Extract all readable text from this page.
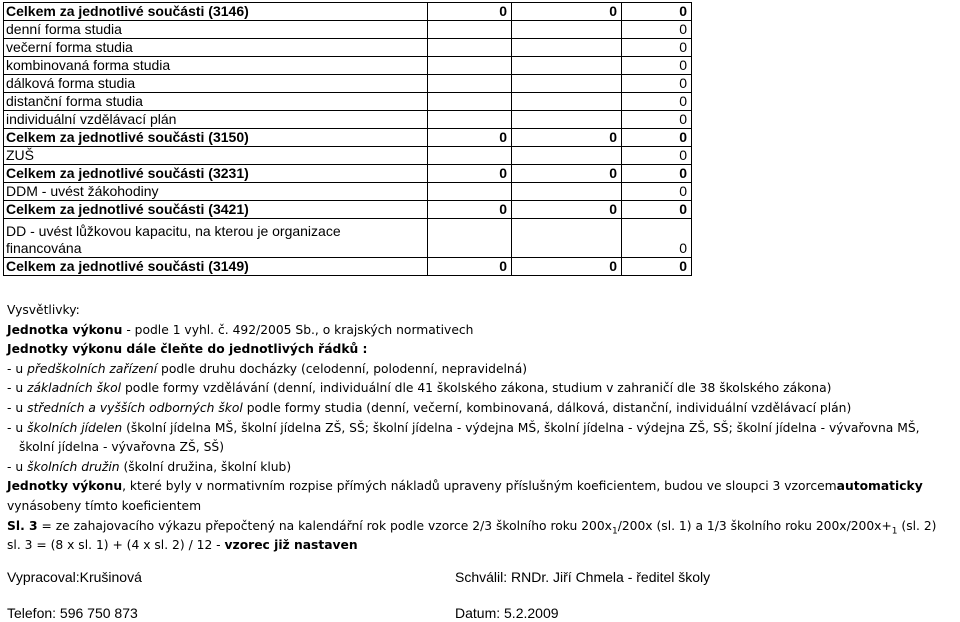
Celkem za jednotlivé součásti (3146)	0	0	0
denní forma studia			0
večerní forma studia			0
kombinovaná forma studia			0
dálková forma studia			0
distanční forma studia			0
individuální vzdělávací plán			0
Celkem za jednotlivé součásti (3150)	0	0	0
ZUŠ			0
Celkem za jednotlivé součásti (3231)	0	0	0
DDM - uvést žákohodiny			0
Celkem za jednotlivé součásti (3421)	0	0	0

DD - uvést lůžkovou kapacitu, na kterou je organizace
financována			0
Celkem za jednotlivé součásti (3149)	0	0	0

Vysvětlivky:

Jednotka výkonu - podle 1 vyhl. č. 492/2005 Sb., o krajských normativech

Jednotky výkonu dále čleňte do jednotlivých řádků :

- u předškolních zařízení podle druhu docházky (celodenní, polodenní, nepravidelná)

- u základních škol podle formy vzdělávání (denní, individuální dle 41 školského zákona, studium v zahraničí dle 38 školského zákona)

- u středních a vyšších odborných škol podle formy studia (denní, večerní, kombinovaná, dálková, distanční, individuální vzdělávací plán)

- u školních jídelen (školní jídelna MŠ, školní jídelna ZŠ, SŠ; školní jídelna - výdejna MŠ, školní jídelna - výdejna ZŠ, SŠ; školní jídelna - vývařovna MŠ,

školní jídelna - vývařovna ZŠ, SŠ)

- u školních družin (školní družina, školní klub)

Jednotky výkonu, které byly v normativním rozpise přímých nákladů upraveny příslušným koeficientem, budou ve sloupci 3 vzorcemautomaticky

vynásobeny tímto koeficientem

Sl. 3 = ze zahajovacího výkazu přepočtený na kalendářní rok podle vzorce 2/3 školního roku $200x_1/200x$ (sl. 1) a 1/3 školního roku $200x/200x+_1$ (sl. 2)

sl. 3 = (8 x sl. 1) + (4 x sl. 2) / 12 - vzorec již nastaven

Vypracoval:Krušinová	Schválil: RNDr. Jiří Chmela - ředitel školy
Telefon: 596 750 873	Datum: 5.2.2009
